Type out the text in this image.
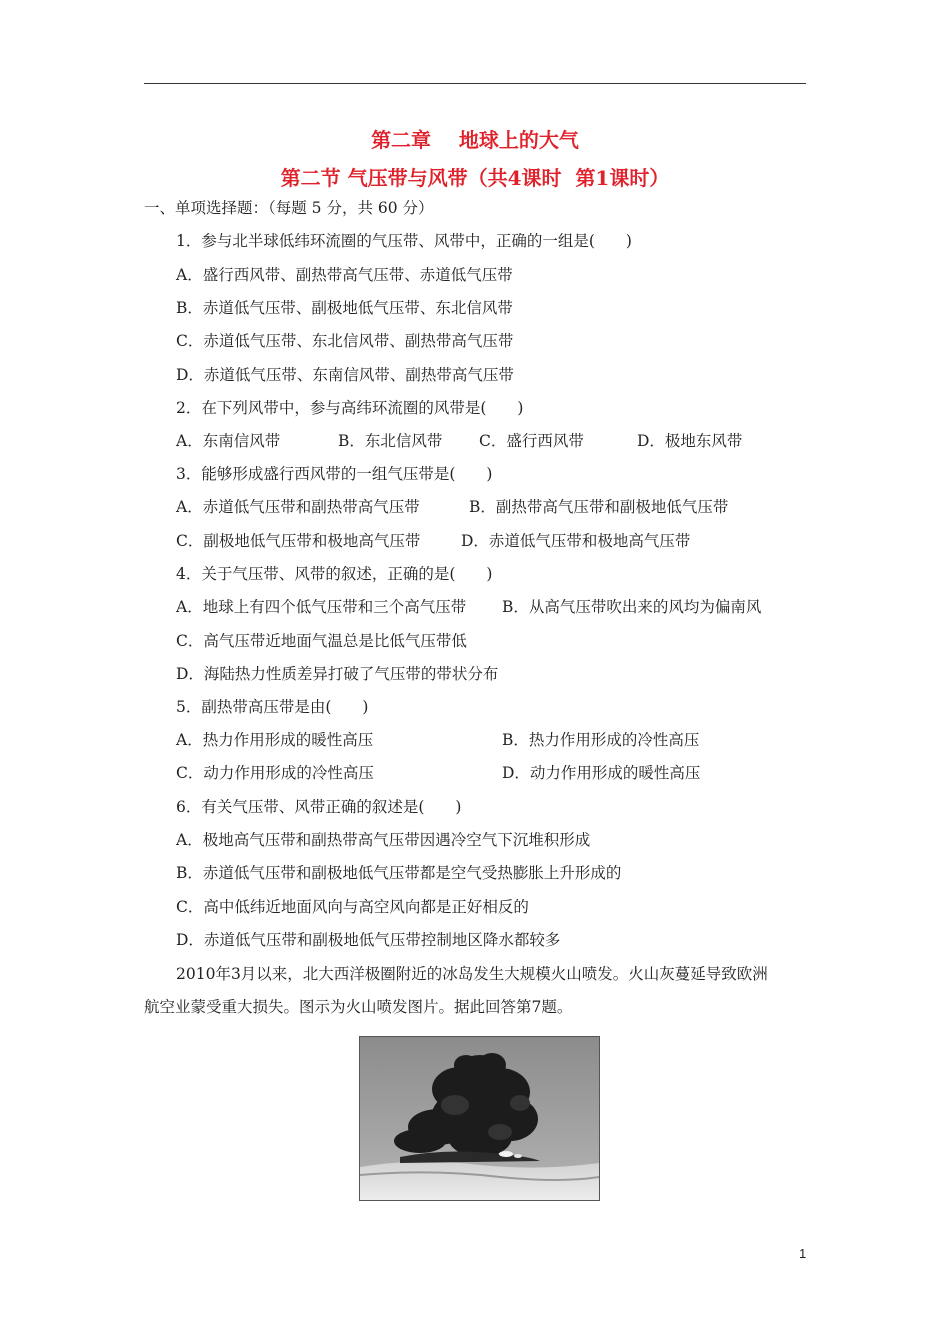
第二章    地球上的大气
第二节 气压带与风带（共4课时  第1课时）
一、单项选择题：（每题 5 分，共 60 分）
1．参与北半球低纬环流圈的气压带、风带中，正确的一组是(　　)
A．盛行西风带、副热带高气压带、赤道低气压带
B．赤道低气压带、副极地低气压带、东北信风带
C．赤道低气压带、东北信风带、副热带高气压带
D．赤道低气压带、东南信风带、副热带高气压带
2．在下列风带中，参与高纬环流圈的风带是(　　)
A．东南信风带	B．东北信风带 C．盛行西风带	D．极地东风带
3．能够形成盛行西风带的一组气压带是(　　)
A．赤道低气压带和副热带高气压带	B．副热带高气压带和副极地低气压带
C．副极地低气压带和极地高气压带	D．赤道低气压带和极地高气压带
4．关于气压带、风带的叙述，正确的是(　　)
A．地球上有四个低气压带和三个高气压带 B．从高气压带吹出来的风均为偏南风
C．高气压带近地面气温总是比低气压带低
D．海陆热力性质差异打破了气压带的带状分布
5．副热带高压带是由(　　)
A．热力作用形成的暖性高压	B．热力作用形成的冷性高压
C．动力作用形成的冷性高压	D．动力作用形成的暖性高压
6．有关气压带、风带正确的叙述是(　　)
A．极地高气压带和副热带高气压带因遇冷空气下沉堆积形成
B．赤道低气压带和副极地低气压带都是空气受热膨胀上升形成的
C．高中低纬近地面风向与高空风向都是正好相反的
D．赤道低气压带和副极地低气压带控制地区降水都较多
2010年3月以来，北大西洋极圈附近的冰岛发生大规模火山喷发。火山灰蔓延导致欧洲
航空业蒙受重大损失。图示为火山喷发图片。据此回答第7题。
1
